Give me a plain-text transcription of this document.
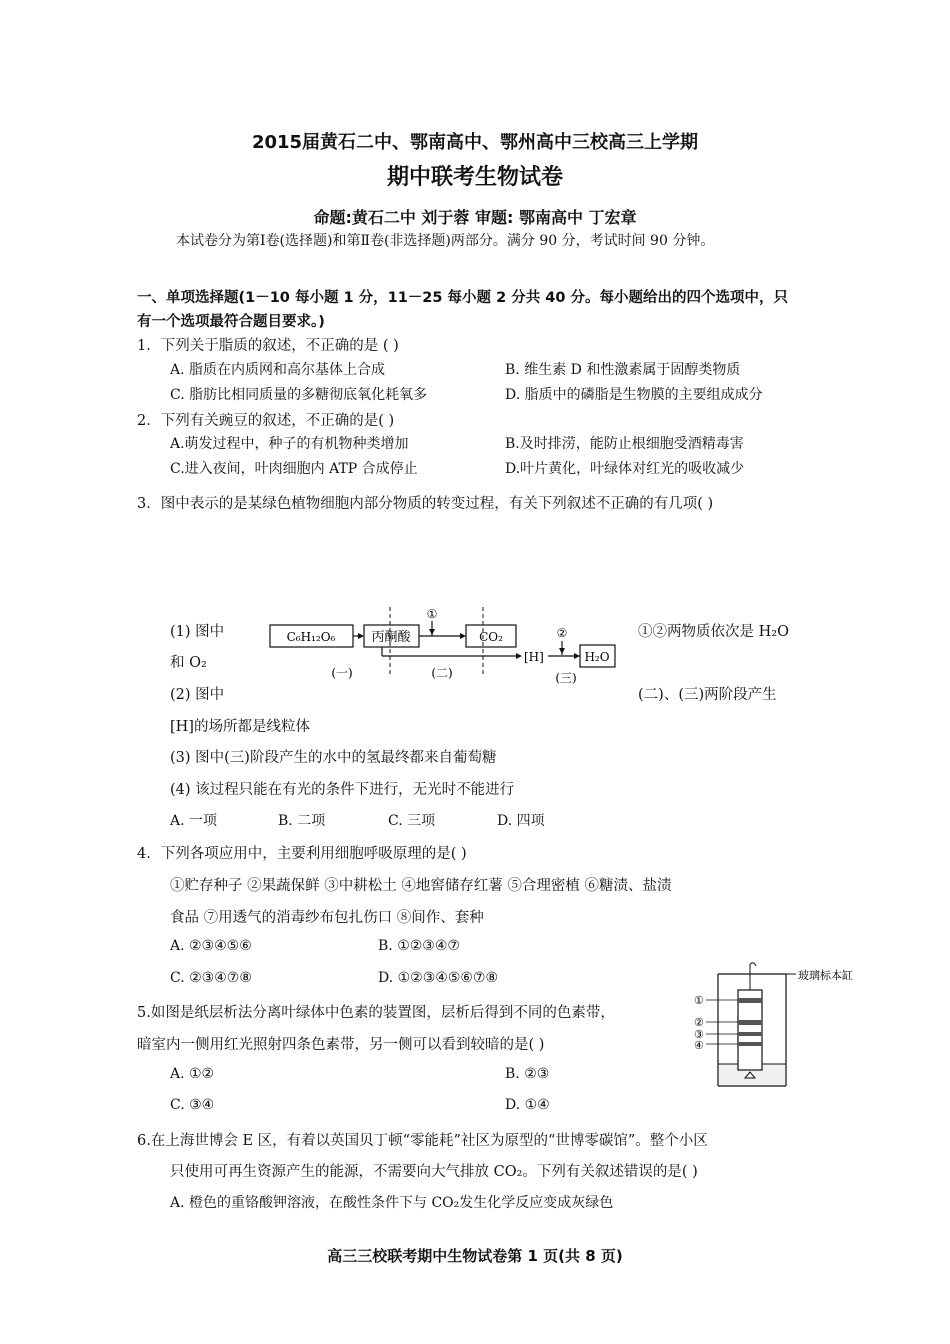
2015届黄石二中、鄂南高中、鄂州高中三校高三上学期
期中联考生物试卷
命题:黄石二中 刘于蓉 审题: 鄂南高中 丁宏章
本试卷分为第Ⅰ卷(选择题)和第Ⅱ卷(非选择题)两部分。满分 90 分，考试时间 90 分钟。
一、单项选择题(1－10 每小题 1 分，11－25 每小题 2 分共 40 分。每小题给出的四个选项中，只
有一个选项最符合题目要求。)
1．下列关于脂质的叙述，不正确的是 ( )
A. 脂质在内质网和高尔基体上合成	B. 维生素 D 和性激素属于固醇类物质
C. 脂肪比相同质量的多糖彻底氧化耗氧多	D. 脂质中的磷脂是生物膜的主要组成成分
2．下列有关豌豆的叙述，不正确的是( )
A.萌发过程中，种子的有机物种类增加	B.及时排涝，能防止根细胞受酒精毒害
C.进入夜间，叶肉细胞内 ATP 合成停止	D.叶片黄化，叶绿体对红光的吸收减少
3．图中表示的是某绿色植物细胞内部分物质的转变过程，有关下列叙述不正确的有几项( )
C₆H₁₂O₆	丙酮酸	CO₂
H₂O
①
[H]
②
(一)	(二)	(三)
(1) 图中	①②两物质依次是 H₂O
和 O₂
(2) 图中	(二)、(三)两阶段产生
[H]的场所都是线粒体
(3) 图中(三)阶段产生的水中的氢最终都来自葡萄糖
(4) 该过程只能在有光的条件下进行，无光时不能进行
A. 一项	B. 二项	C. 三项	D. 四项
4．下列各项应用中，主要利用细胞呼吸原理的是( )
①贮存种子 ②果蔬保鲜 ③中耕松土 ④地窖储存红薯 ⑤合理密植 ⑥糖渍、盐渍
食品 ⑦用透气的消毒纱布包扎伤口 ⑧间作、套种
A. ②③④⑤⑥	B. ①②③④⑦
C. ②③④⑦⑧	D. ①②③④⑤⑥⑦⑧	玻璃标本缸
①
②
③
④
5.如图是纸层析法分离叶绿体中色素的装置图，层析后得到不同的色素带，
暗室内一侧用红光照射四条色素带，另一侧可以看到较暗的是( )
A. ①②	B. ②③
C. ③④	D. ①④
6.在上海世博会 E 区，有着以英国贝丁顿“零能耗”社区为原型的“世博零碳馆”。整个小区
只使用可再生资源产生的能源，不需要向大气排放 CO₂。下列有关叙述错误的是( )
A. 橙色的重铬酸钾溶液，在酸性条件下与 CO₂发生化学反应变成灰绿色
高三三校联考期中生物试卷第 1 页(共 8 页)
